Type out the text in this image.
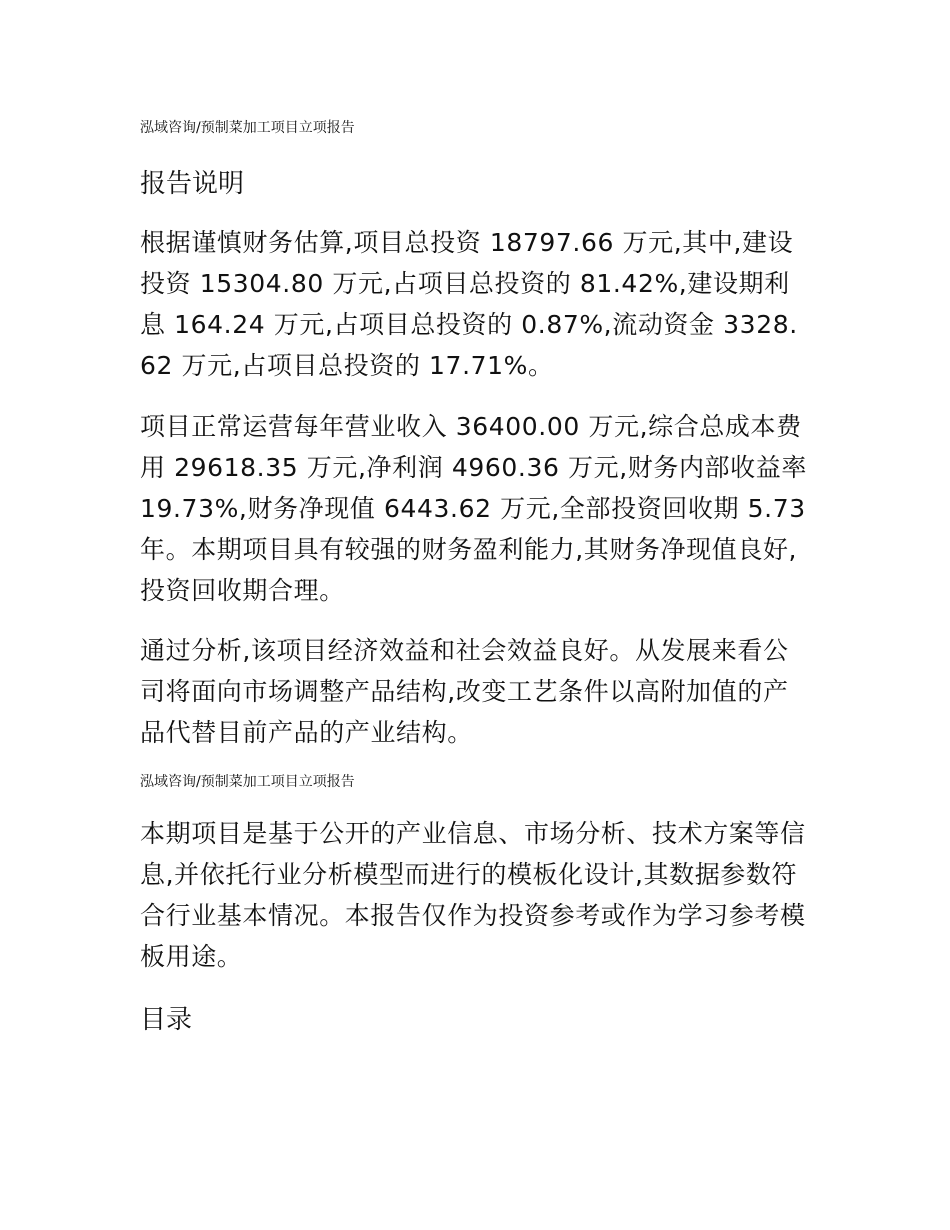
泓域咨询/预制菜加工项目立项报告
报告说明

根据谨慎财务估算,项目总投资 18797.66 万元,其中,建设投资 15304.80 万元,占项目总投资的 81.42%,建设期利息 164.24 万元,占项目总投资的 0.87%,流动资金 3328.62 万元,占项目总投资的 17.71%。

项目正常运营每年营业收入 36400.00 万元,综合总成本费用 29618.35 万元,净利润 4960.36 万元,财务内部收益率 19.73%,财务净现值 6443.62 万元,全部投资回收期 5.73 年。本期项目具有较强的财务盈利能力,其财务净现值良好,投资回收期合理。

通过分析,该项目经济效益和社会效益良好。从发展来看公司将面向市场调整产品结构,改变工艺条件以高附加值的产品代替目前产品的产业结构。

泓域咨询/预制菜加工项目立项报告

本期项目是基于公开的产业信息、市场分析、技术方案等信息,并依托行业分析模型而进行的模板化设计,其数据参数符合行业基本情况。本报告仅作为投资参考或作为学习参考模板用途。

目录
